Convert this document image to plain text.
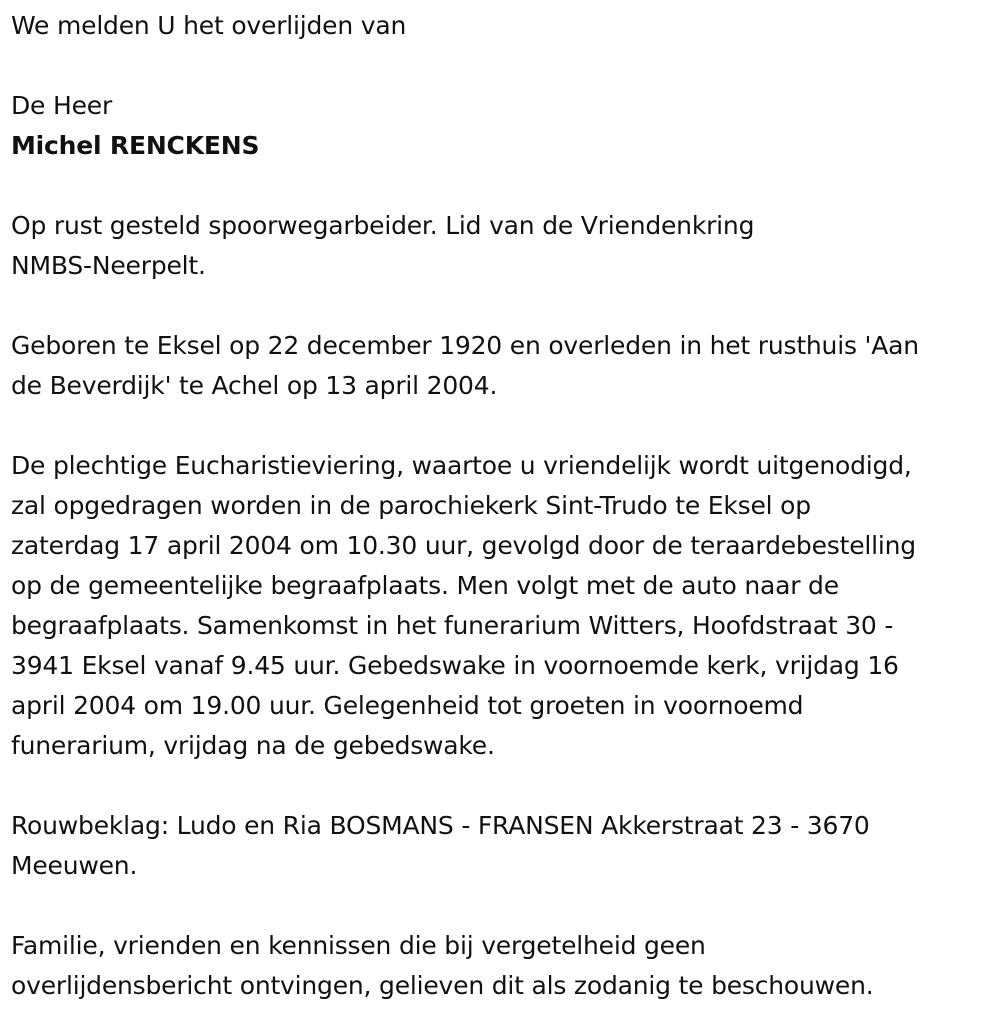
We melden U het overlijden van
De Heer
Michel RENCKENS
Op rust gesteld spoorwegarbeider. Lid van de Vriendenkring
NMBS-Neerpelt.
Geboren te Eksel op 22 december 1920 en overleden in het rusthuis 'Aan
de Beverdijk' te Achel op 13 april 2004.
De plechtige Eucharistieviering, waartoe u vriendelijk wordt uitgenodigd,
zal opgedragen worden in de parochiekerk Sint-Trudo te Eksel op
zaterdag 17 april 2004 om 10.30 uur, gevolgd door de teraardebestelling
op de gemeentelijke begraafplaats. Men volgt met de auto naar de
begraafplaats. Samenkomst in het funerarium Witters, Hoofdstraat 30 -
3941 Eksel vanaf 9.45 uur. Gebedswake in voornoemde kerk, vrijdag 16
april 2004 om 19.00 uur. Gelegenheid tot groeten in voornoemd
funerarium, vrijdag na de gebedswake.
Rouwbeklag: Ludo en Ria BOSMANS - FRANSEN Akkerstraat 23 - 3670
Meeuwen.
Familie, vrienden en kennissen die bij vergetelheid geen
overlijdensbericht ontvingen, gelieven dit als zodanig te beschouwen.
